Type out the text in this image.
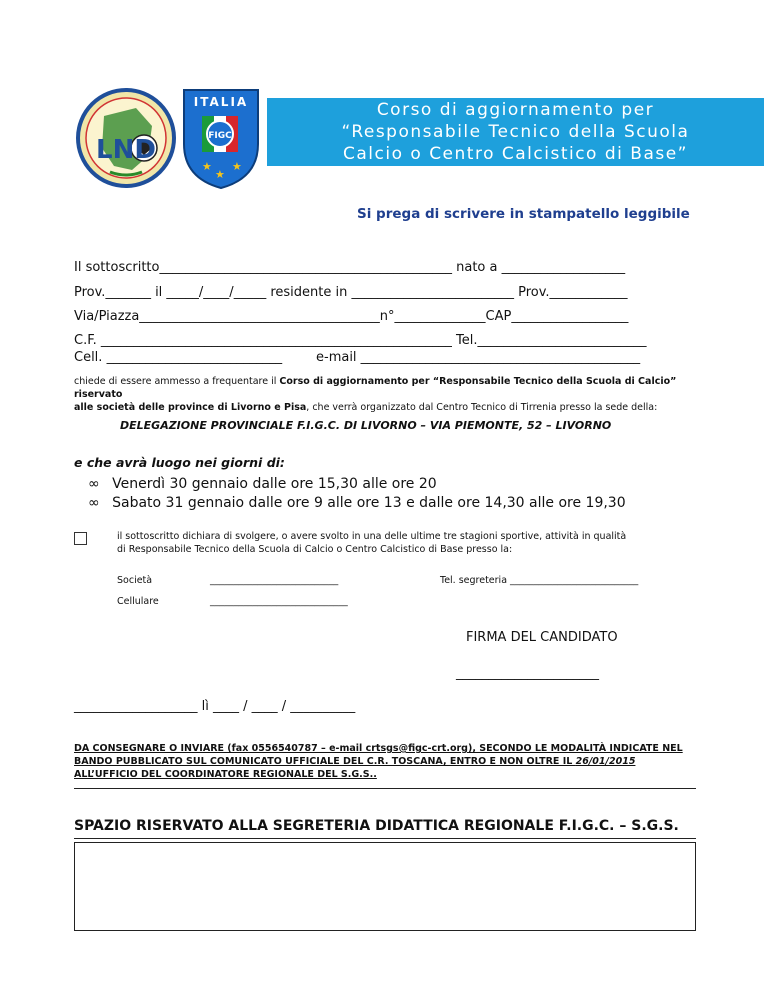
LND
ITALIA
FIGC
★ ★
★
Corso di aggiornamento per
“Responsabile Tecnico della Scuola
Calcio o Centro Calcistico di Base”
Si prega di scrivere in stampatello leggibile
Il sottoscritto_____________________________________________ nato a ___________________
Prov._______ il _____/____/_____ residente in _________________________ Prov.____________
Via/Piazza_____________________________________n°______________CAP__________________
C.F. ______________________________________________________ Tel.__________________________
Cell. ___________________________	e-mail ___________________________________________
chiede di essere ammesso a frequentare il Corso di aggiornamento per “Responsabile Tecnico della Scuola di Calcio” riservato
alle società delle province di Livorno e Pisa, che verrà organizzato dal Centro Tecnico di Tirrenia presso la sede della:
DELEGAZIONE PROVINCIALE F.I.G.C. DI LIVORNO – VIA PIEMONTE, 52 – LIVORNO
e che avrà luogo nei giorni di:
∞ Venerdì 30 gennaio dalle ore 15,30 alle ore 20
∞ Sabato 31 gennaio dalle ore 9 alle ore 13 e dalle ore 14,30 alle ore 19,30
il sottoscritto dichiara di svolgere, o avere svolto in una delle ultime tre stagioni sportive, attività in qualità
di Responsabile Tecnico della Scuola di Calcio o Centro Calcistico di Base presso la:
Società	___________________________	Tel. segreteria ___________________________
Cellulare	_____________________________
FIRMA DEL CANDIDATO
______________________
___________________ lì ____ / ____ / __________
DA CONSEGNARE O INVIARE (fax 0556540787 – e-mail crtsgs@figc-crt.org), SECONDO LE MODALITÀ INDICATE NEL
BANDO PUBBLICATO SUL COMUNICATO UFFICIALE DEL C.R. TOSCANA, ENTRO E NON OLTRE IL 26/01/2015
ALL’UFFICIO DEL COORDINATORE REGIONALE DEL S.G.S..
SPAZIO RISERVATO ALLA SEGRETERIA DIDATTICA REGIONALE F.I.G.C. – S.G.S.
